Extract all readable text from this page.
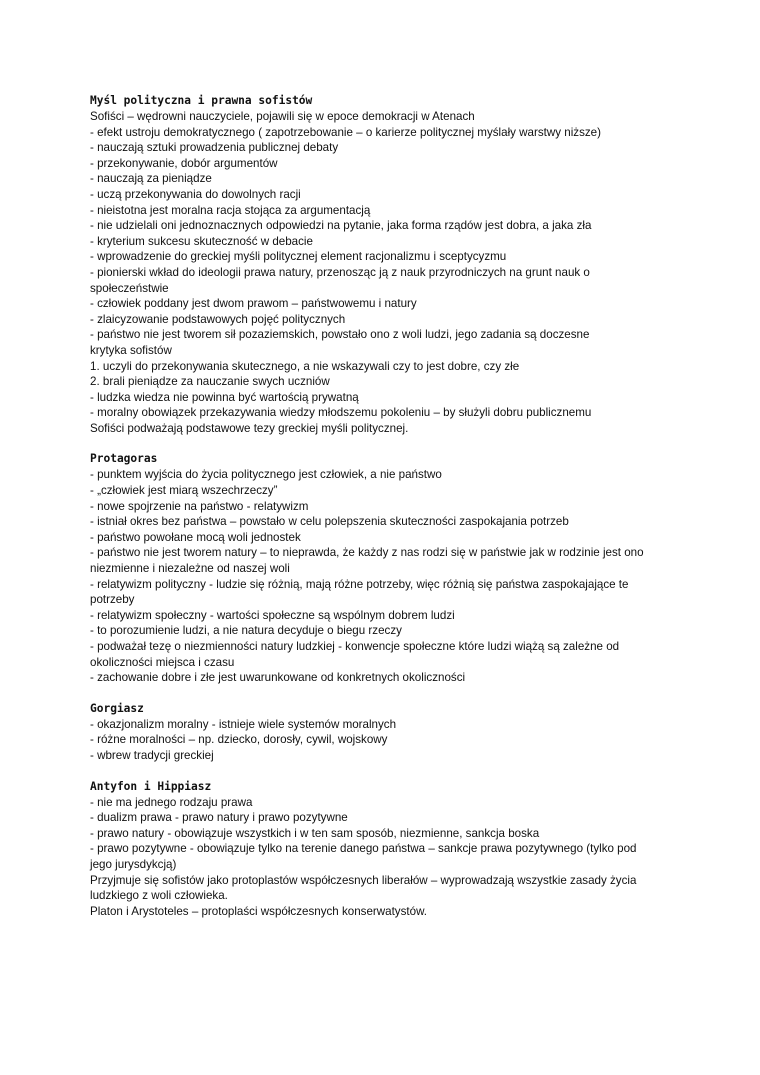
Myśl polityczna i prawna sofistów
Sofiści – wędrowni nauczyciele, pojawili się w epoce demokracji w Atenach
- efekt ustroju demokratycznego ( zapotrzebowanie – o karierze politycznej myślały warstwy niższe)
- nauczają sztuki prowadzenia publicznej debaty
- przekonywanie, dobór argumentów
- nauczają za pieniądze
- uczą przekonywania do dowolnych racji
- nieistotna jest moralna racja stojąca za argumentacją
- nie udzielali oni jednoznacznych odpowiedzi na pytanie, jaka forma rządów jest dobra, a jaka zła
- kryterium sukcesu skuteczność w debacie
- wprowadzenie do greckiej myśli politycznej element racjonalizmu i sceptycyzmu
- pionierski wkład do ideologii prawa natury, przenosząc ją z nauk przyrodniczych na grunt nauk o
społeczeństwie
- człowiek poddany jest dwom prawom – państwowemu i natury
- zlaicyzowanie podstawowych pojęć politycznych
- państwo nie jest tworem sił pozaziemskich, powstało ono z woli ludzi, jego zadania są doczesne
krytyka sofistów
1. uczyli do przekonywania skutecznego, a nie wskazywali czy to jest dobre, czy złe
2. brali pieniądze za nauczanie swych uczniów
- ludzka wiedza nie powinna być wartością prywatną
- moralny obowiązek przekazywania wiedzy młodszemu pokoleniu – by służyli dobru publicznemu
Sofiści podważają podstawowe tezy greckiej myśli politycznej.
Protagoras
- punktem wyjścia do życia politycznego jest człowiek, a nie państwo
- „człowiek jest miarą wszechrzeczy”
- nowe spojrzenie na państwo - relatywizm
- istniał okres bez państwa – powstało w celu polepszenia skuteczności zaspokajania potrzeb
- państwo powołane mocą woli jednostek
- państwo nie jest tworem natury – to nieprawda, że każdy z nas rodzi się w państwie jak w rodzinie jest ono
niezmienne i niezależne od naszej woli
- relatywizm polityczny - ludzie się różnią, mają różne potrzeby, więc różnią się państwa zaspokajające te
potrzeby
- relatywizm społeczny - wartości społeczne są wspólnym dobrem ludzi
- to porozumienie ludzi, a nie natura decyduje o biegu rzeczy
- podważał tezę o niezmienności natury ludzkiej - konwencje społeczne które ludzi wiążą są zależne od
okoliczności miejsca i czasu
- zachowanie dobre i złe jest uwarunkowane od konkretnych okoliczności
Gorgiasz
- okazjonalizm moralny - istnieje wiele systemów moralnych
- różne moralności – np. dziecko, dorosły, cywil, wojskowy
- wbrew tradycji greckiej
Antyfon i Hippiasz
- nie ma jednego rodzaju prawa
- dualizm prawa - prawo natury i prawo pozytywne
- prawo natury - obowiązuje wszystkich i w ten sam sposób, niezmienne, sankcja boska
- prawo pozytywne - obowiązuje tylko na terenie danego państwa – sankcje prawa pozytywnego (tylko pod
jego jurysdykcją)
Przyjmuje się sofistów jako protoplastów współczesnych liberałów – wyprowadzają wszystkie zasady życia
ludzkiego z woli człowieka.
Platon i Arystoteles – protoplaści współczesnych konserwatystów.
